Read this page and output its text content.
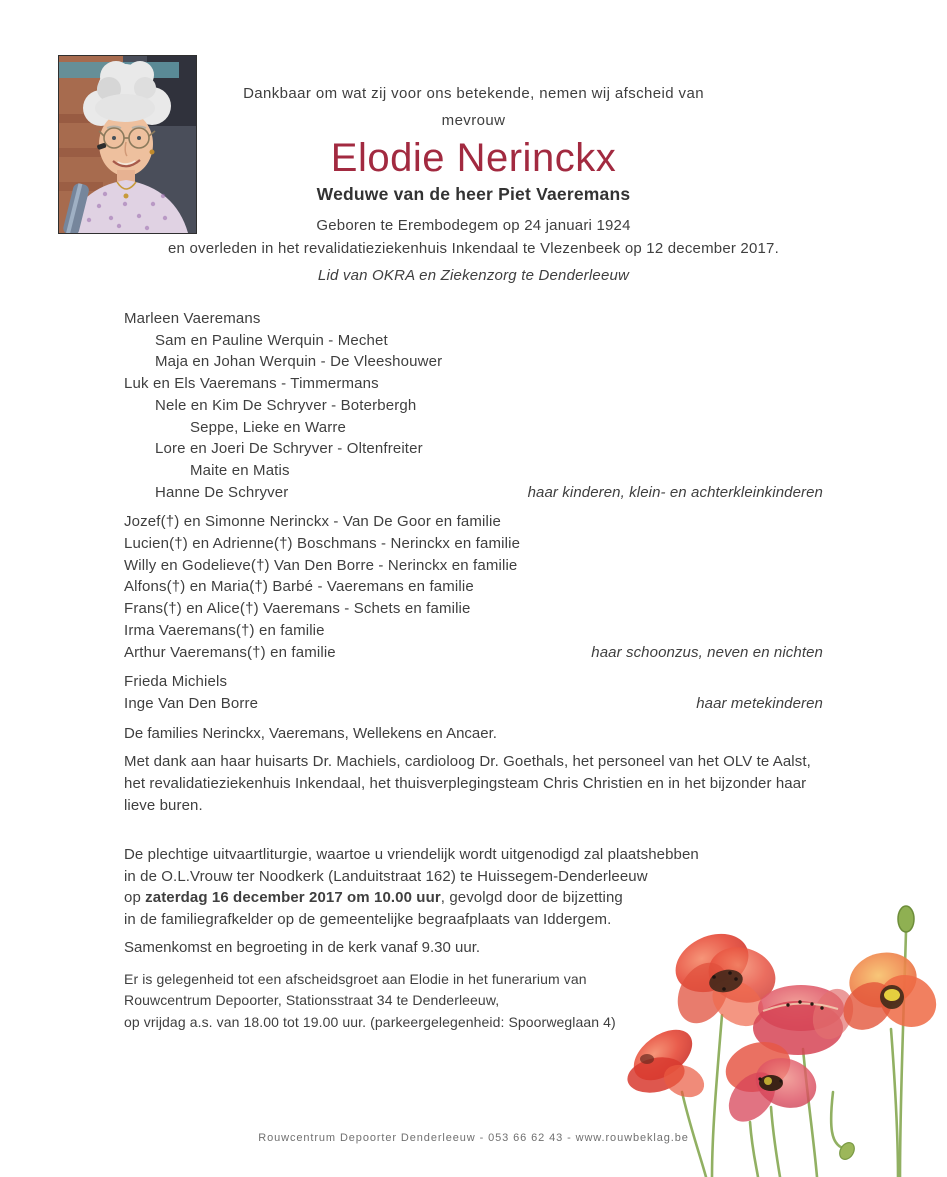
Dankbaar om wat zij voor ons betekende, nemen wij afscheid van
mevrouw
Elodie Nerinckx
Weduwe van de heer Piet Vaeremans
Geboren te Erembodegem op 24 januari 1924
en overleden in het revalidatieziekenhuis Inkendaal te Vlezenbeek op 12 december 2017.
Lid van OKRA en Ziekenzorg te Denderleeuw
Marleen Vaeremans
Sam en Pauline Werquin - Mechet
Maja en Johan Werquin - De Vleeshouwer
Luk en Els Vaeremans - Timmermans
Nele en Kim De Schryver - Boterbergh
Seppe, Lieke en Warre
Lore en Joeri De Schryver - Oltenfreiter
Maite en Matis
Hanne De Schryver	haar kinderen, klein- en achterkleinkinderen
Jozef(†) en Simonne Nerinckx - Van De Goor en familie
Lucien(†) en Adrienne(†) Boschmans - Nerinckx en familie
Willy en Godelieve(†) Van Den Borre - Nerinckx en familie
Alfons(†) en Maria(†) Barbé - Vaeremans en familie
Frans(†) en Alice(†) Vaeremans - Schets en familie
Irma Vaeremans(†) en familie
Arthur Vaeremans(†) en familie	haar schoonzus, neven en nichten
Frieda Michiels
Inge Van Den Borre	haar metekinderen
De families Nerinckx, Vaeremans, Wellekens en Ancaer.

Met dank aan haar huisarts Dr. Machiels, cardioloog Dr. Goethals, het personeel van het OLV te Aalst, het revalidatieziekenhuis Inkendaal, het thuisverplegingsteam Chris Christien en in het bijzonder haar lieve buren.

De plechtige uitvaartliturgie, waartoe u vriendelijk wordt uitgenodigd zal plaatshebben
in de O.L.Vrouw ter Noodkerk (Landuitstraat 162) te Huissegem-Denderleeuw
op zaterdag 16 december 2017 om 10.00 uur, gevolgd door de bijzetting
in de familiegrafkelder op de gemeentelijke begraafplaats van Iddergem.
Samenkomst en begroeting in de kerk vanaf 9.30 uur.
Er is gelegenheid tot een afscheidsgroet aan Elodie in het funerarium van
Rouwcentrum Depoorter, Stationsstraat 34 te Denderleeuw,
op vrijdag a.s. van 18.00 tot 19.00 uur. (parkeergelegenheid: Spoorweglaan 4)
Rouwcentrum Depoorter Denderleeuw - 053 66 62 43 - www.rouwbeklag.be
